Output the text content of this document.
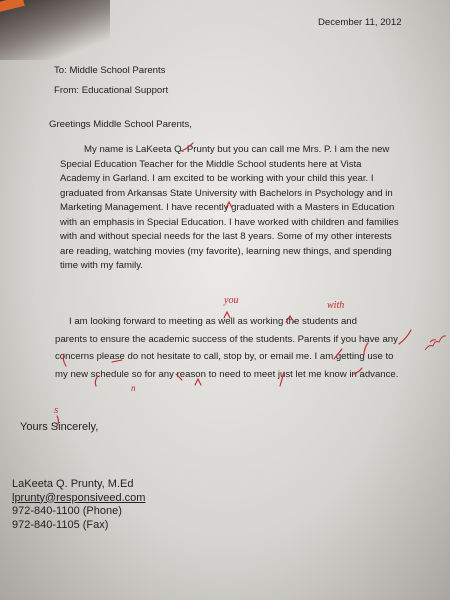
December 11, 2012
To: Middle School Parents
From: Educational Support
Greetings Middle School Parents,
My name is LaKeeta Q. Prunty but you can call me Mrs. P. I am the new
Special Education Teacher for the Middle School students here at Vista
Academy in Garland. I am excited to be working with your child this year. I
graduated from Arkansas State University with Bachelors in Psychology and in
Marketing Management. I have recently graduated with a Masters in Education
with an emphasis in Special Education. I have worked with children and families
with and without special needs for the last 8 years. Some of my other interests
are reading, watching movies (my favorite), learning new things, and spending
time with my family.
I am looking forward to meeting as well as working the students and
parents to ensure the academic success of the students. Parents if you have any
concerns please do not hesitate to call, stop by, or email me. I am getting use to
my new schedule so for any reason to need to meet just let me know in advance.
Yours Sincerely,
LaKeeta Q. Prunty, M.Ed
lprunty@responsiveed.com
972-840-1100 (Phone)
972-840-1105 (Fax)
you	with
s
n
